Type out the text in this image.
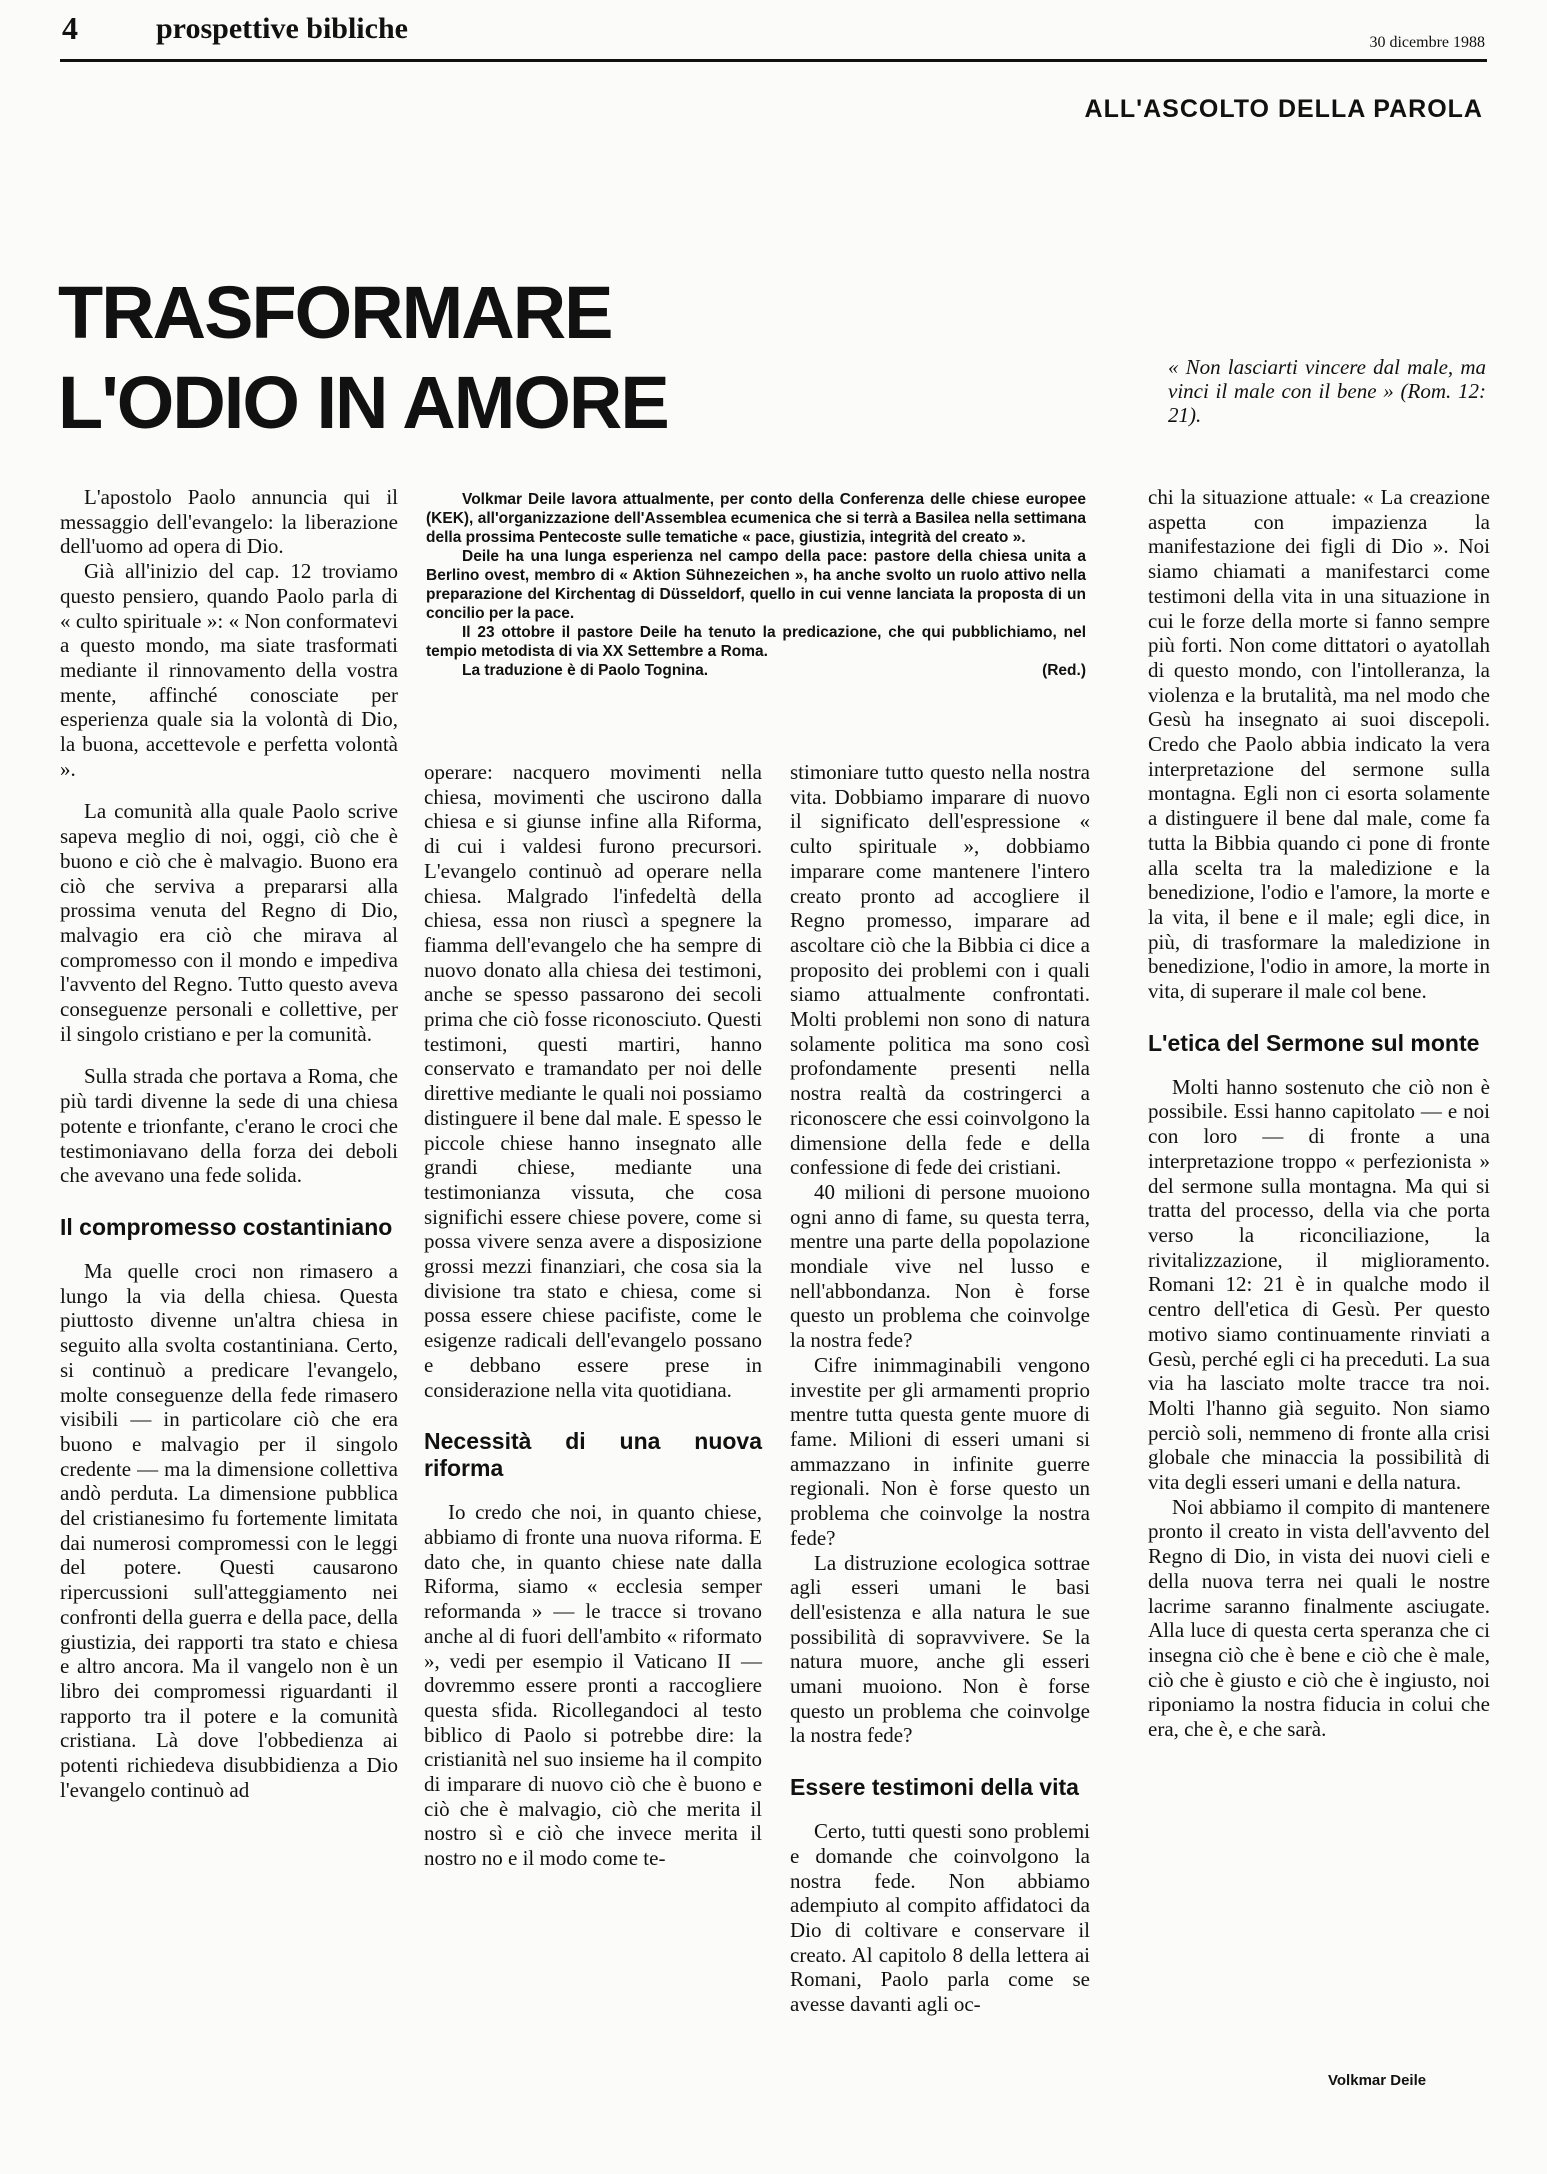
4	prospettive bibliche	30 dicembre 1988
ALL'ASCOLTO DELLA PAROLA
TRASFORMARE
L'ODIO IN AMORE	« Non lasciarti vincere dal male, ma vinci il male con il bene » (Rom. 12: 21).

Volkmar Deile lavora attualmente, per conto della Conferenza delle chiese europee (KEK), all'organizzazione dell'Assemblea ecumenica che si terrà a Basilea nella settimana della prossima Pentecoste sulle tematiche « pace, giustizia, integrità del creato ».

Deile ha una lunga esperienza nel campo della pace: pastore della chiesa unita a Berlino ovest, membro di « Aktion Sühnezeichen », ha anche svolto un ruolo attivo nella preparazione del Kirchentag di Düsseldorf, quello in cui venne lanciata la proposta di un concilio per la pace.

Il 23 ottobre il pastore Deile ha tenuto la predicazione, che qui pubblichiamo, nel tempio metodista di via XX Settembre a Roma.

La traduzione è di Paolo Tognina.	(Red.)

L'apostolo Paolo annuncia qui il messaggio dell'evangelo: la liberazione dell'uomo ad opera di Dio.

Già all'inizio del cap. 12 troviamo questo pensiero, quando Paolo parla di « culto spirituale »: « Non conformatevi a questo mondo, ma siate trasformati mediante il rinnovamento della vostra mente, affinché conosciate per esperienza quale sia la volontà di Dio, la buona, accettevole e perfetta volontà ».

La comunità alla quale Paolo scrive sapeva meglio di noi, oggi, ciò che è buono e ciò che è malvagio. Buono era ciò che serviva a prepararsi alla prossima venuta del Regno di Dio, malvagio era ciò che mirava al compromesso con il mondo e impediva l'avvento del Regno. Tutto questo aveva conseguenze personali e collettive, per il singolo cristiano e per la comunità.

Sulla strada che portava a Roma, che più tardi divenne la sede di una chiesa potente e trionfante, c'erano le croci che testimoniavano della forza dei deboli che avevano una fede solida.

Il compromesso costantiniano

Ma quelle croci non rimasero a lungo la via della chiesa. Questa piuttosto divenne un'altra chiesa in seguito alla svolta costantiniana. Certo, si continuò a predicare l'evangelo, molte conseguenze della fede rimasero visibili — in particolare ciò che era buono e malvagio per il singolo credente — ma la dimensione collettiva andò perduta. La dimensione pubblica del cristianesimo fu fortemente limitata dai numerosi compromessi con le leggi del potere. Questi causarono ripercussioni sull'atteggiamento nei confronti della guerra e della pace, della giustizia, dei rapporti tra stato e chiesa e altro ancora. Ma il vangelo non è un libro dei compromessi riguardanti il rapporto tra il potere e la comunità cristiana. Là dove l'obbedienza ai potenti richiedeva disubbidienza a Dio l'evangelo continuò ad

operare: nacquero movimenti nella chiesa, movimenti che uscirono dalla chiesa e si giunse infine alla Riforma, di cui i valdesi furono precursori. L'evangelo continuò ad operare nella chiesa. Malgrado l'infedeltà della chiesa, essa non riuscì a spegnere la fiamma dell'evangelo che ha sempre di nuovo donato alla chiesa dei testimoni, anche se spesso passarono dei secoli prima che ciò fosse riconosciuto. Questi testimoni, questi martiri, hanno conservato e tramandato per noi delle direttive mediante le quali noi possiamo distinguere il bene dal male. E spesso le piccole chiese hanno insegnato alle grandi chiese, mediante una testimonianza vissuta, che cosa significhi essere chiese povere, come si possa vivere senza avere a disposizione grossi mezzi finanziari, che cosa sia la divisione tra stato e chiesa, come si possa essere chiese pacifiste, come le esigenze radicali dell'evangelo possano e debbano essere prese in considerazione nella vita quotidiana.

Necessità di una nuova riforma

Io credo che noi, in quanto chiese, abbiamo di fronte una nuova riforma. E dato che, in quanto chiese nate dalla Riforma, siamo « ecclesia semper reformanda » — le tracce si trovano anche al di fuori dell'ambito « riformato », vedi per esempio il Vaticano II — dovremmo essere pronti a raccogliere questa sfida. Ricollegandoci al testo biblico di Paolo si potrebbe dire: la cristianità nel suo insieme ha il compito di imparare di nuovo ciò che è buono e ciò che è malvagio, ciò che merita il nostro sì e ciò che invece merita il nostro no e il modo come te-

stimoniare tutto questo nella nostra vita. Dobbiamo imparare di nuovo il significato dell'espressione « culto spirituale », dobbiamo imparare come mantenere l'intero creato pronto ad accogliere il Regno promesso, imparare ad ascoltare ciò che la Bibbia ci dice a proposito dei problemi con i quali siamo attualmente confrontati. Molti problemi non sono di natura solamente politica ma sono così profondamente presenti nella nostra realtà da costringerci a riconoscere che essi coinvolgono la dimensione della fede e della confessione di fede dei cristiani.

40 milioni di persone muoiono ogni anno di fame, su questa terra, mentre una parte della popolazione mondiale vive nel lusso e nell'abbondanza. Non è forse questo un problema che coinvolge la nostra fede?

Cifre inimmaginabili vengono investite per gli armamenti proprio mentre tutta questa gente muore di fame. Milioni di esseri umani si ammazzano in infinite guerre regionali. Non è forse questo un problema che coinvolge la nostra fede?

La distruzione ecologica sottrae agli esseri umani le basi dell'esistenza e alla natura le sue possibilità di sopravvivere. Se la natura muore, anche gli esseri umani muoiono. Non è forse questo un problema che coinvolge la nostra fede?

Essere testimoni della vita

Certo, tutti questi sono problemi e domande che coinvolgono la nostra fede. Non abbiamo adempiuto al compito affidatoci da Dio di coltivare e conservare il creato. Al capitolo 8 della lettera ai Romani, Paolo parla come se avesse davanti agli oc-

chi la situazione attuale: « La creazione aspetta con impazienza la manifestazione dei figli di Dio ». Noi siamo chiamati a manifestarci come testimoni della vita in una situazione in cui le forze della morte si fanno sempre più forti. Non come dittatori o ayatollah di questo mondo, con l'intolleranza, la violenza e la brutalità, ma nel modo che Gesù ha insegnato ai suoi discepoli. Credo che Paolo abbia indicato la vera interpretazione del sermone sulla montagna. Egli non ci esorta solamente a distinguere il bene dal male, come fa tutta la Bibbia quando ci pone di fronte alla scelta tra la maledizione e la benedizione, l'odio e l'amore, la morte e la vita, il bene e il male; egli dice, in più, di trasformare la maledizione in benedizione, l'odio in amore, la morte in vita, di superare il male col bene.

L'etica del Sermone sul monte

Molti hanno sostenuto che ciò non è possibile. Essi hanno capitolato — e noi con loro — di fronte a una interpretazione troppo « perfezionista » del sermone sulla montagna. Ma qui si tratta del processo, della via che porta verso la riconciliazione, la rivitalizzazione, il miglioramento. Romani 12: 21 è in qualche modo il centro dell'etica di Gesù. Per questo motivo siamo continuamente rinviati a Gesù, perché egli ci ha preceduti. La sua via ha lasciato molte tracce tra noi. Molti l'hanno già seguito. Non siamo perciò soli, nemmeno di fronte alla crisi globale che minaccia la possibilità di vita degli esseri umani e della natura.

Noi abbiamo il compito di mantenere pronto il creato in vista dell'avvento del Regno di Dio, in vista dei nuovi cieli e della nuova terra nei quali le nostre lacrime saranno finalmente asciugate. Alla luce di questa certa speranza che ci insegna ciò che è bene e ciò che è male, ciò che è giusto e ciò che è ingiusto, noi riponiamo la nostra fiducia in colui che era, che è, e che sarà.

Volkmar Deile
